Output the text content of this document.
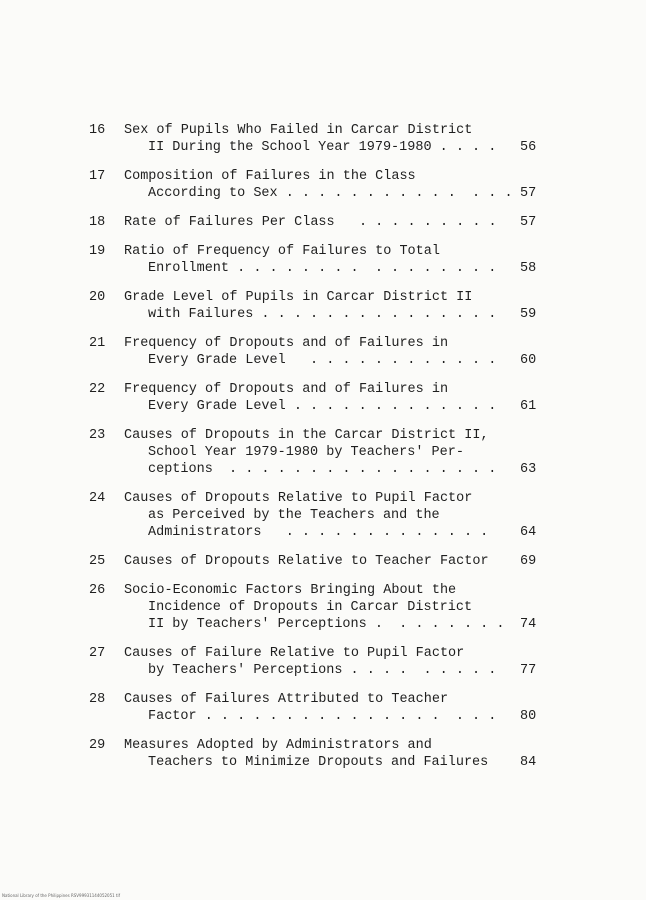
16	Sex of Pupils Who Failed in Carcar District
II During the School Year 1979-1980 . . . .	56
17	Composition of Failures in the Class
According to Sex . . . . . . . . . . .  . . . 57
18	Rate of Failures Per Class   . . . . . . . . .	57
19	Ratio of Frequency of Failures to Total
Enrollment . . . . . . . .  . . . . . . . .	58
20	Grade Level of Pupils in Carcar District II
with Failures . . . . . . . . . . . . . . .	59
21	Frequency of Dropouts and of Failures in
Every Grade Level   . . . . . . . . . . . .	60
22	Frequency of Dropouts and of Failures in
Every Grade Level . . . . . . . . . . . . .	61
23	Causes of Dropouts in the Carcar District II,
School Year 1979-1980 by Teachers' Per-
ceptions  . . . . . . . . . . . . . . . . .	63
24	Causes of Dropouts Relative to Pupil Factor
as Perceived by the Teachers and the
Administrators   . . . . . . . . . . . . .	64
25	Causes of Dropouts Relative to Teacher Factor	69
26	Socio-Economic Factors Bringing About the
Incidence of Dropouts in Carcar District
II by Teachers' Perceptions .  . . . . . . .	74
27	Causes of Failure Relative to Pupil Factor
by Teachers' Perceptions . . . .  . . . . .	77
28	Causes of Failures Attributed to Teacher
Factor . . . . . . . . . . . . . . .  . . .	80
29	Measures Adopted by Administrators and
Teachers to Minimize Dropouts and Failures	84
National Library of the Philippines RSV99931144052051 tif
